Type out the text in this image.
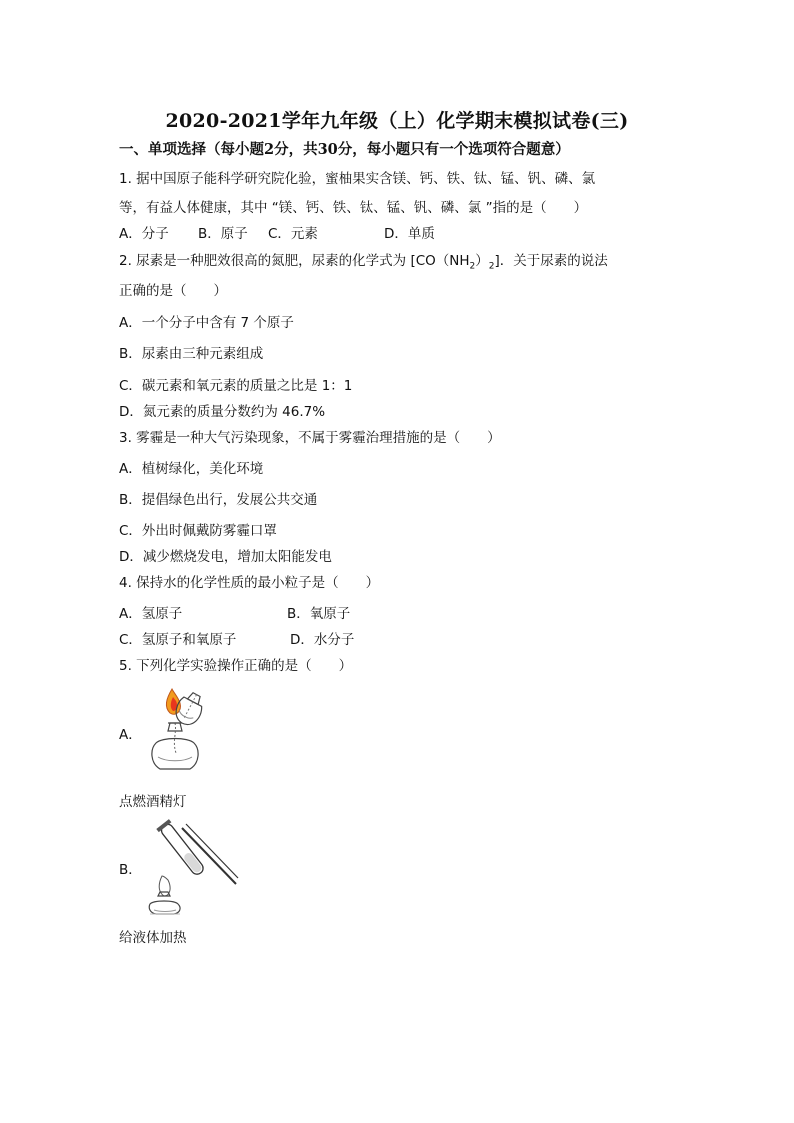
2020-2021学年九年级（上）化学期末模拟试卷(三)
一、单项选择（每小题2分，共30分，每小题只有一个选项符合题意）
1. 据中国原子能科学研究院化验，蜜柚果实含镁、钙、铁、钛、锰、钒、磷、氯
等，有益人体健康，其中 “镁、钙、铁、钛、锰、钒、磷、氯 ”指的是（　　）
A．分子 B．原子 C．元素	D．单质
2. 尿素是一种肥效很高的氮肥，尿素的化学式为 $[CO(NH_2)_2]$．关于尿素的说法
正确的是（　　）
A．一个分子中含有 7 个原子
B．尿素由三种元素组成
C．碳元素和氧元素的质量之比是 1：1
D．氮元素的质量分数约为 46.7%
3. 雾霾是一种大气污染现象，不属于雾霾治理措施的是（　　）
A．植树绿化，美化环境
B．提倡绿色出行，发展公共交通
C．外出时佩戴防雾霾口罩
D．减少燃烧发电，增加太阳能发电
4. 保持水的化学性质的最小粒子是（　　）
A．氢原子	B．氧原子
C．氢原子和氧原子	D．水分子
5. 下列化学实验操作正确的是（　　）
A．
点燃酒精灯
B．
给液体加热
